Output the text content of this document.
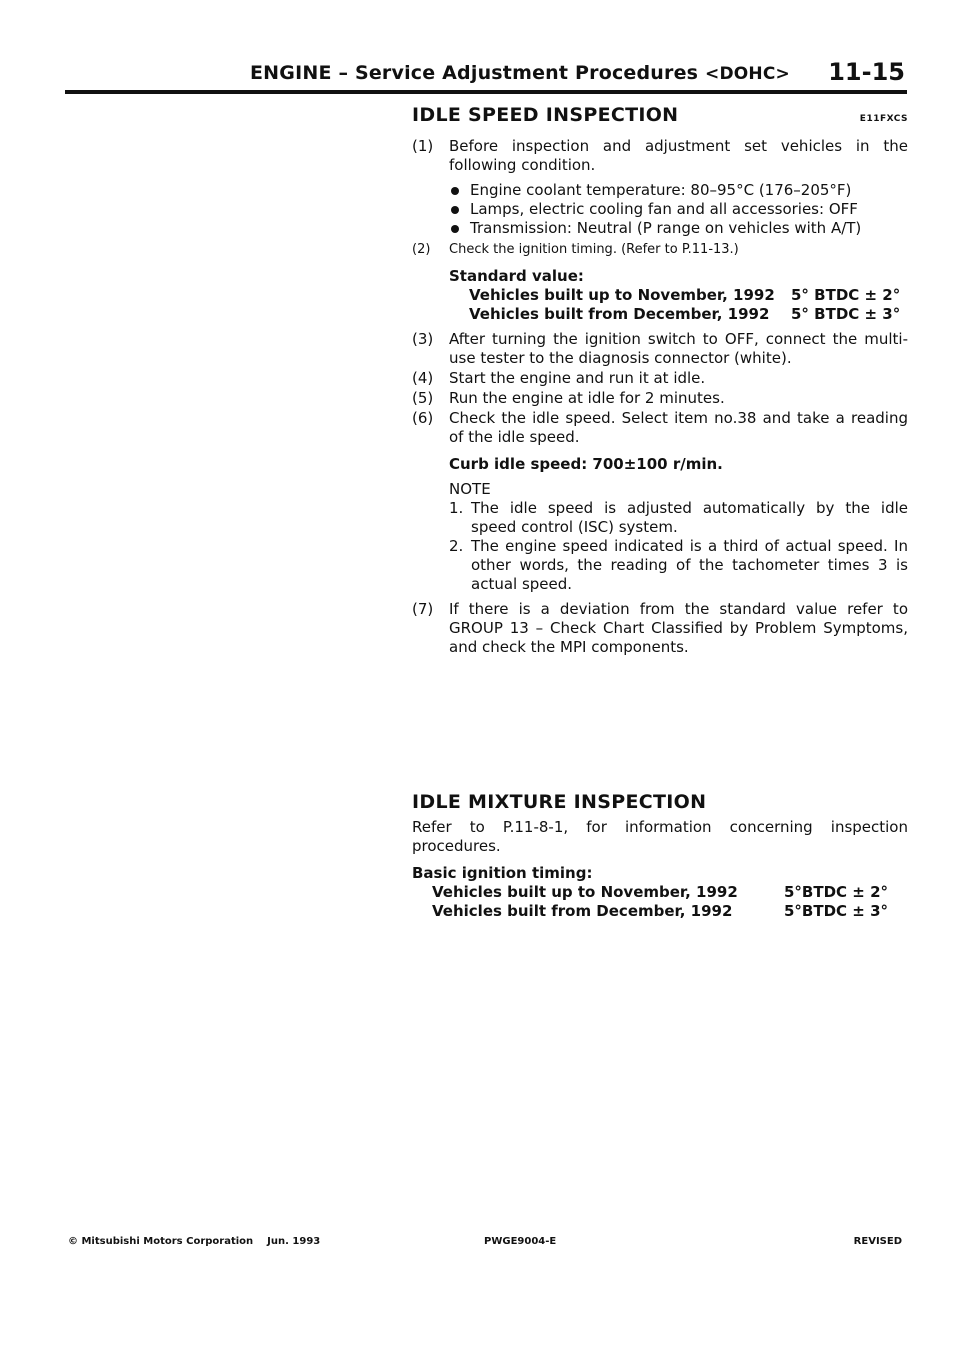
ENGINE – Service Adjustment Procedures <DOHC> 11-15
IDLE SPEED INSPECTION	E11FXCS
(1)	Before inspection and adjustment set vehicles in the following condition.
Engine coolant temperature: 80–95°C (176–205°F)
Lamps, electric cooling fan and all accessories: OFF
Transmission: Neutral (P range on vehicles with A/T)
(2)	Check the ignition timing. (Refer to P.11-13.)
Standard value:
Vehicles built up to November, 1992	5° BTDC ± 2°
Vehicles built from December, 1992	5° BTDC ± 3°
(3)	After turning the ignition switch to OFF, connect the multi-use tester to the diagnosis connector (white).
(4)	Start the engine and run it at idle.
(5)	Run the engine at idle for 2 minutes.
(6)	Check the idle speed. Select item no.38 and take a reading of the idle speed.
Curb idle speed: 700±100 r/min.
NOTE
1. The idle speed is adjusted automatically by the idle speed control (ISC) system.
2. The engine speed indicated is a third of actual speed. In other words, the reading of the tachometer times 3 is actual speed.
(7)	If there is a deviation from the standard value refer to GROUP 13 – Check Chart Classified by Problem Symptoms, and check the MPI components.
IDLE MIXTURE INSPECTION
Refer to P.11-8-1, for information concerning inspection procedures.
Basic ignition timing:
Vehicles built up to November, 1992	5°BTDC ± 2°
Vehicles built from December, 1992	5°BTDC ± 3°
© Mitsubishi Motors Corporation Jun. 1993	PWGE9004-E	REVISED
